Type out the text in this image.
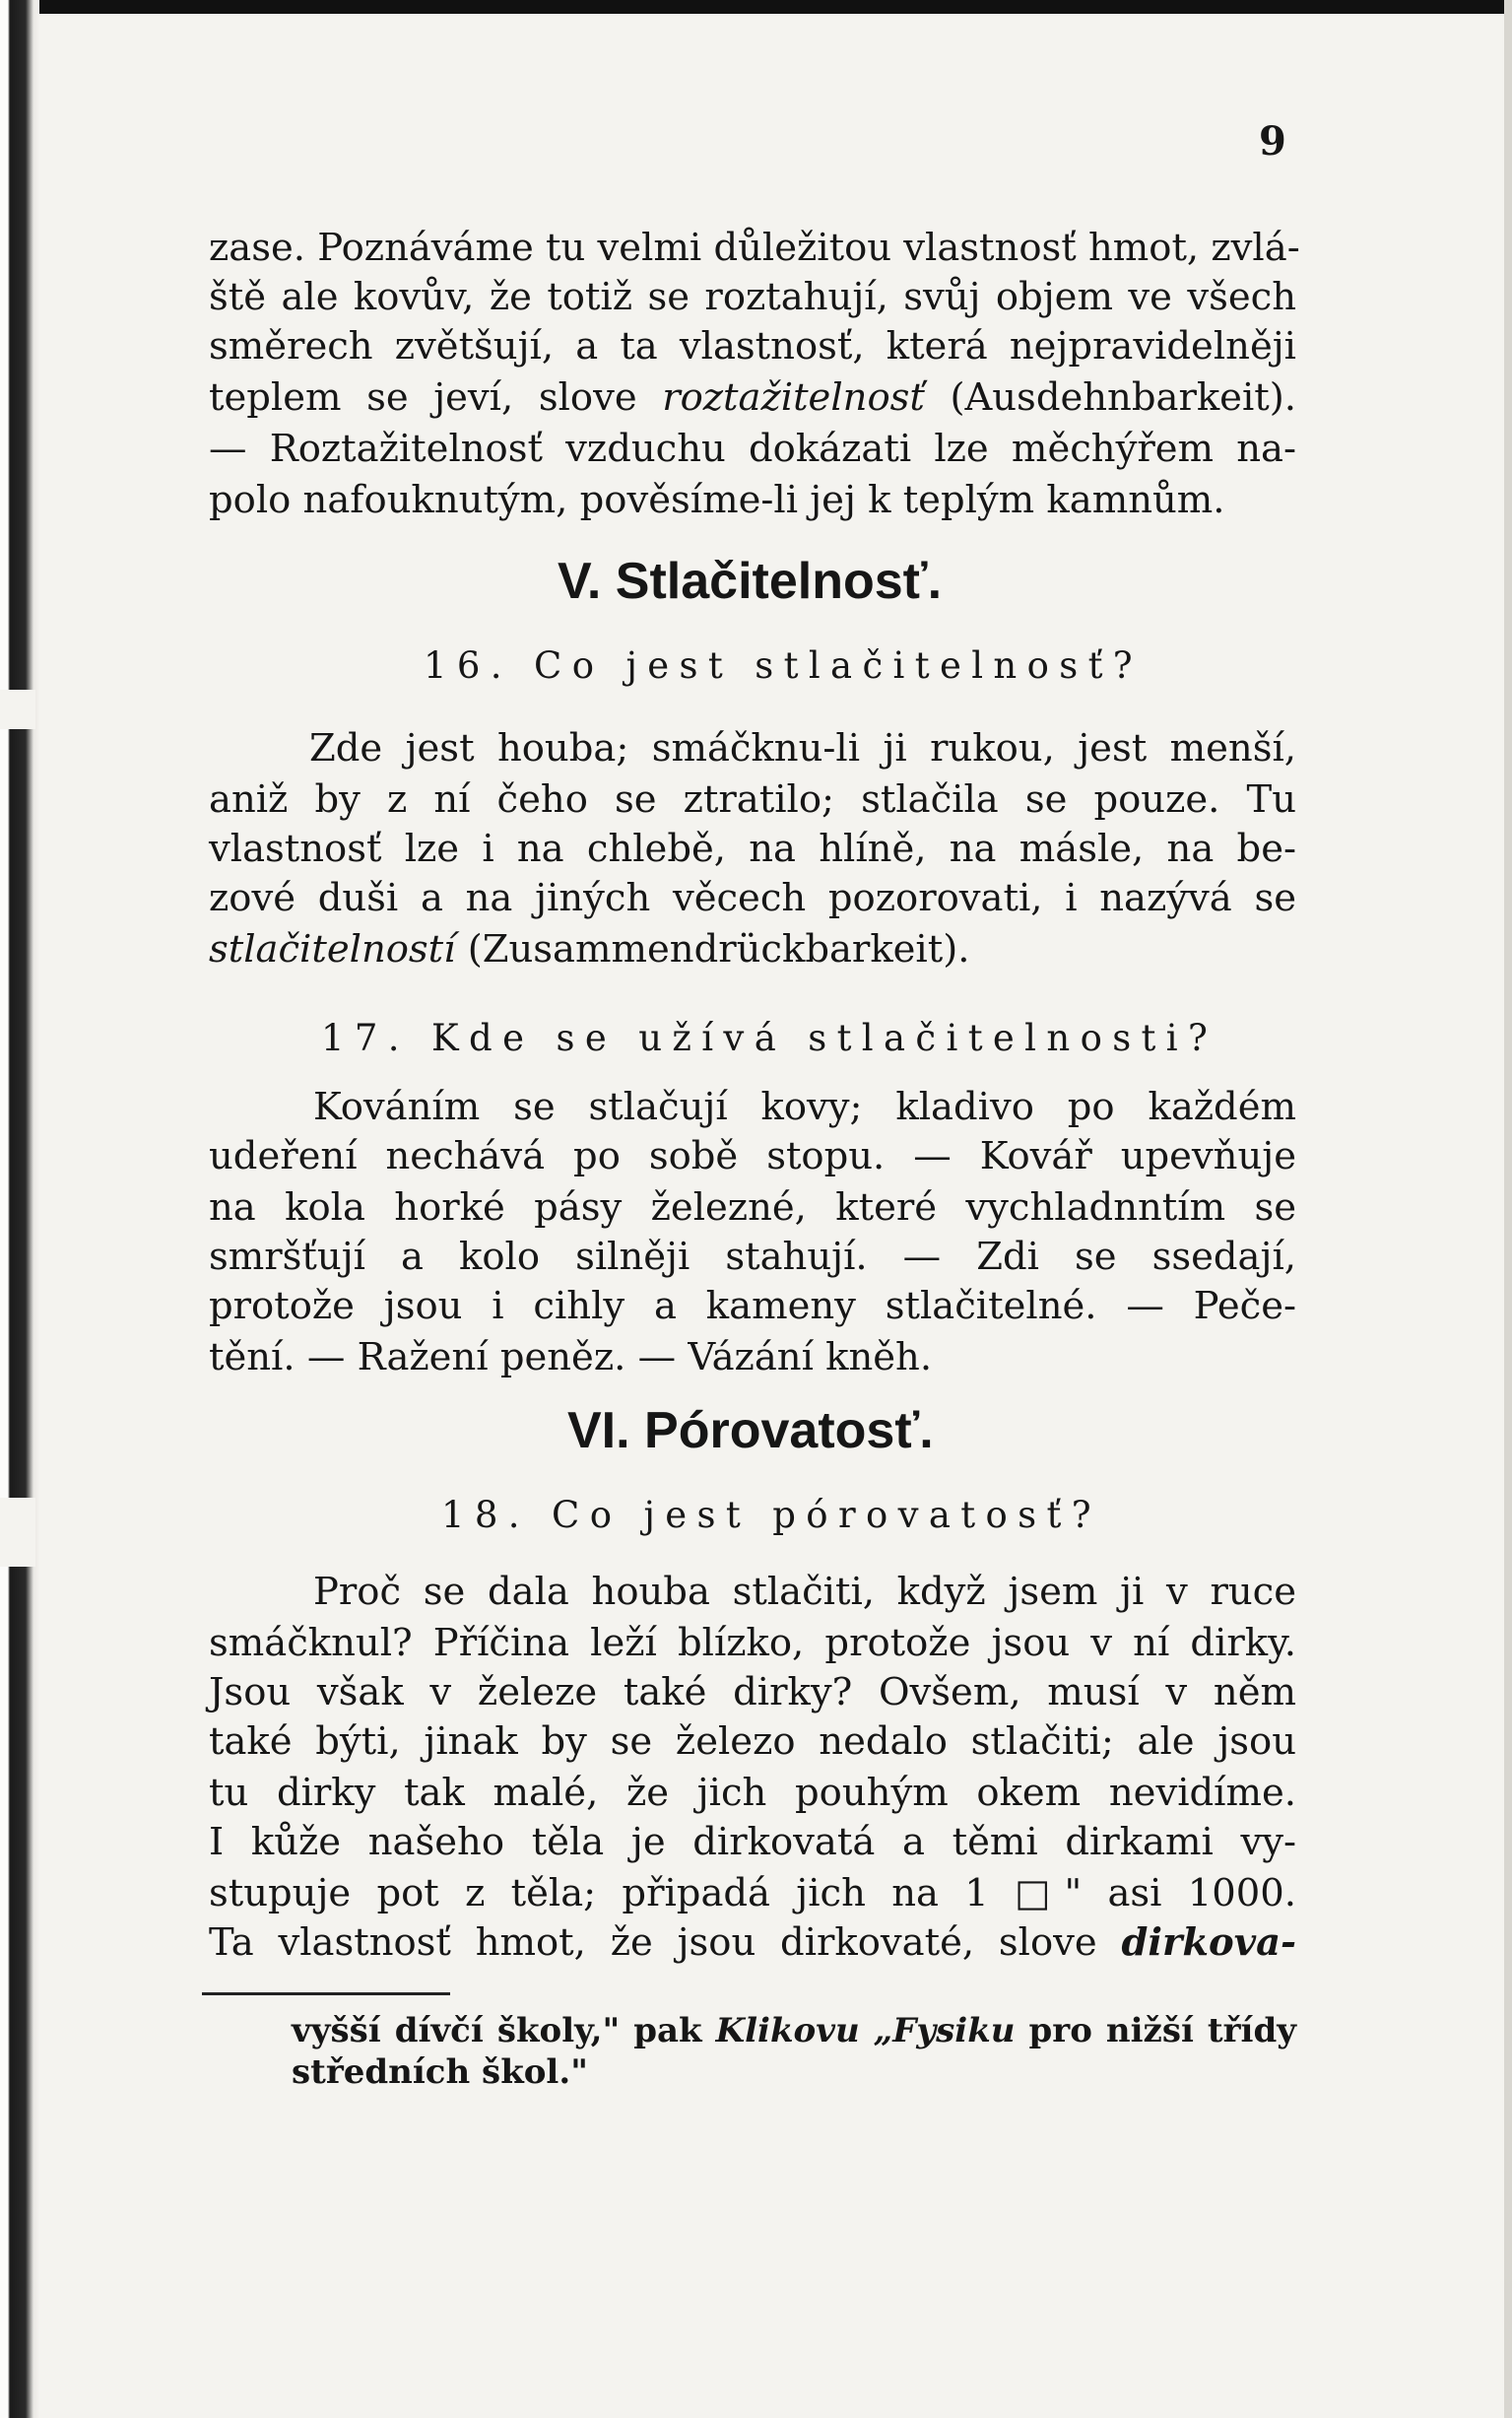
9
zase. Poznáváme tu velmi důležitou vlastnosť hmot, zvlá-
ště ale kovův, že totiž se roztahují, svůj objem ve všech
směrech zvětšují, a ta vlastnosť, která nejpravidelněji
teplem se jeví, slove roztažitelnosť (Ausdehnbarkeit).
— Roztažitelnosť vzduchu dokázati lze měchýřem na-
polo nafouknutým, pověsíme-li jej k teplým kamnům.
V. Stlačitelnosť.
16. Co jest stlačitelnosť?
Zde jest houba; smáčknu-li ji rukou, jest menší,
aniž by z ní čeho se ztratilo; stlačila se pouze. Tu
vlastnosť lze i na chlebě, na hlíně, na másle, na be-
zové duši a na jiných věcech pozorovati, i nazývá se
stlačitelností (Zusammendrückbarkeit).
17. Kde se užívá stlačitelnosti?
Kováním se stlačují kovy; kladivo po každém
udeření nechává po sobě stopu. — Kovář upevňuje
na kola horké pásy železné, které vychladnntím se
smršťují a kolo silněji stahují. — Zdi se ssedají,
protože jsou i cihly a kameny stlačitelné. — Peče-
tění. — Ražení peněz. — Vázání kněh.
VI. Pórovatosť.
18. Co jest pórovatosť?
Proč se dala houba stlačiti, když jsem ji v ruce
smáčknul? Příčina leží blízko, protože jsou v ní dirky.
Jsou však v železe také dirky? Ovšem, musí v něm
také býti, jinak by se železo nedalo stlačiti; ale jsou
tu dirky tak malé, že jich pouhým okem nevidíme.
I kůže našeho těla je dirkovatá a těmi dirkami vy-
stupuje pot z těla; připadá jich na 1 □" asi 1000.
Ta vlastnosť hmot, že jsou dirkovaté, slove dirkova-
vyšší dívčí školy," pak Klikovu „Fysiku pro nižší třídy
středních škol."
